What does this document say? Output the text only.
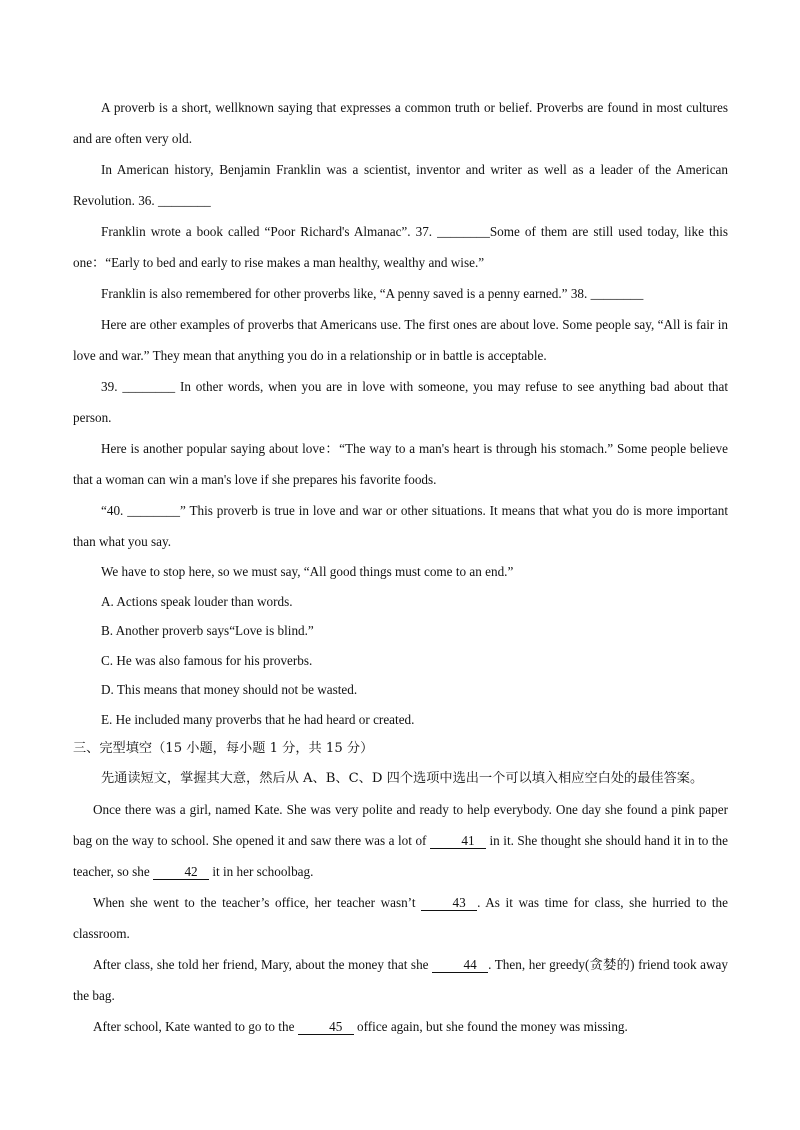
A proverb is a short, wellknown saying that expresses a common truth or belief. Proverbs are found in most cultures and are often very old.

In American history, Benjamin Franklin was a scientist, inventor and writer as well as a leader of the American Revolution. 36. ________

Franklin wrote a book called “Poor Richard's Almanac”. 37. ________Some of them are still used today, like this one：“Early to bed and early to rise makes a man healthy, wealthy and wise.”

Franklin is also remembered for other proverbs like, “A penny saved is a penny earned.” 38. ________

Here are other examples of proverbs that Americans use. The first ones are about love. Some people say, “All is fair in love and war.” They mean that anything you do in a relationship or in battle is acceptable.

39. ________ In other words, when you are in love with someone, you may refuse to see anything bad about that person.

Here is another popular saying about love：“The way to a man's heart is through his stomach.” Some people believe that a woman can win a man's love if she prepares his favorite foods.

“40. ________” This proverb is true in love and war or other situations. It means that what you do is more important than what you say.

We have to stop here, so we must say, “All good things must come to an end.”

A. Actions speak louder than words.

B. Another proverb says“Love is blind.”

C. He was also famous for his proverbs.

D. This means that money should not be wasted.

E. He included many proverbs that he had heard or created.

三、完型填空（15 小题，每小题 1 分，共 15 分）

先通读短文，掌握其大意，然后从 A、B、C、D 四个选项中选出一个可以填入相应空白处的最佳答案。

Once there was a girl, named Kate. She was very polite and ready to help everybody. One day she found a pink paper bag on the way to school. She opened it and saw there was a lot of	41 in it. She thought she should hand it in to the teacher, so she	42 it in her schoolbag.

When she went to the teacher’s office, her teacher wasn’t	43 . As it was time for class, she hurried to the classroom.

After class, she told her friend, Mary, about the money that she	44 . Then, her greedy(贪婪的) friend took away the bag.

After school, Kate wanted to go to the	45 office again, but she found the money was missing.
